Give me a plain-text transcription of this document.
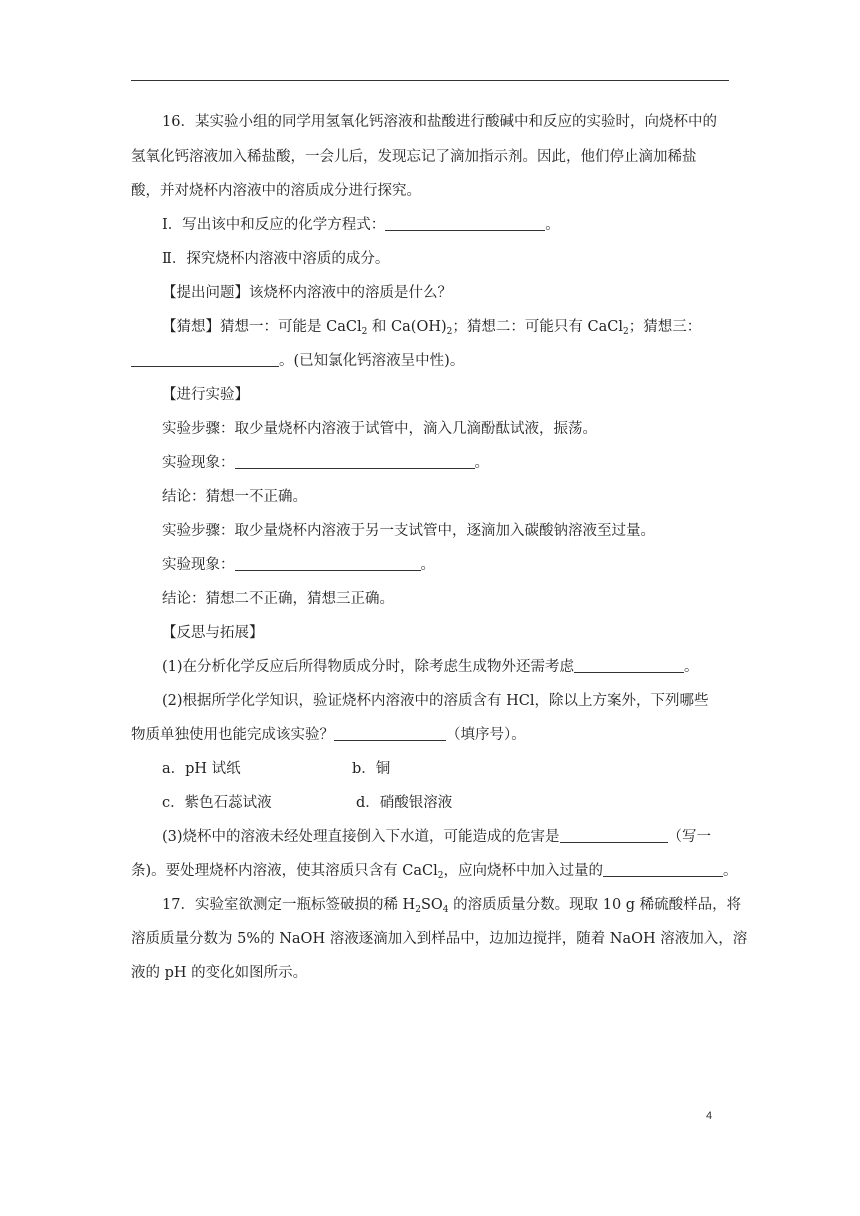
16．某实验小组的同学用氢氧化钙溶液和盐酸进行酸碱中和反应的实验时，向烧杯中的
氢氧化钙溶液加入稀盐酸，一会儿后，发现忘记了滴加指示剂。因此，他们停止滴加稀盐
酸，并对烧杯内溶液中的溶质成分进行探究。
Ⅰ．写出该中和反应的化学方程式：	。
Ⅱ．探究烧杯内溶液中溶质的成分。
【提出问题】该烧杯内溶液中的溶质是什么？
【猜想】猜想一：可能是 CaCl$_2$ 和 $Ca(OH)_2$；猜想二：可能只有 CaCl$_2$；猜想三：
。(已知氯化钙溶液呈中性)。
【进行实验】
实验步骤：取少量烧杯内溶液于试管中，滴入几滴酚酞试液，振荡。
实验现象：	。
结论：猜想一不正确。
实验步骤：取少量烧杯内溶液于另一支试管中，逐滴加入碳酸钠溶液至过量。
实验现象：	。
结论：猜想二不正确，猜想三正确。
【反思与拓展】
(1)在分析化学反应后所得物质成分时，除考虑生成物外还需考虑	。
(2)根据所学化学知识，验证烧杯内溶液中的溶质含有 HCl，除以上方案外，下列哪些
物质单独使用也能完成该实验？	（填序号）。
a．pH 试纸	b．铜
c．紫色石蕊试液	d．硝酸银溶液
(3)烧杯中的溶液未经处理直接倒入下水道，可能造成的危害是	（写一
条)。要处理烧杯内溶液，使其溶质只含有 CaCl$_2$，应向烧杯中加入过量的	。
17．实验室欲测定一瓶标签破损的稀 $H_2SO_4$ 的溶质质量分数。现取 10 g 稀硫酸样品，将
溶质质量分数为 5%的 NaOH 溶液逐滴加入到样品中，边加边搅拌，随着 NaOH 溶液加入，溶
液的 pH 的变化如图所示。
4
